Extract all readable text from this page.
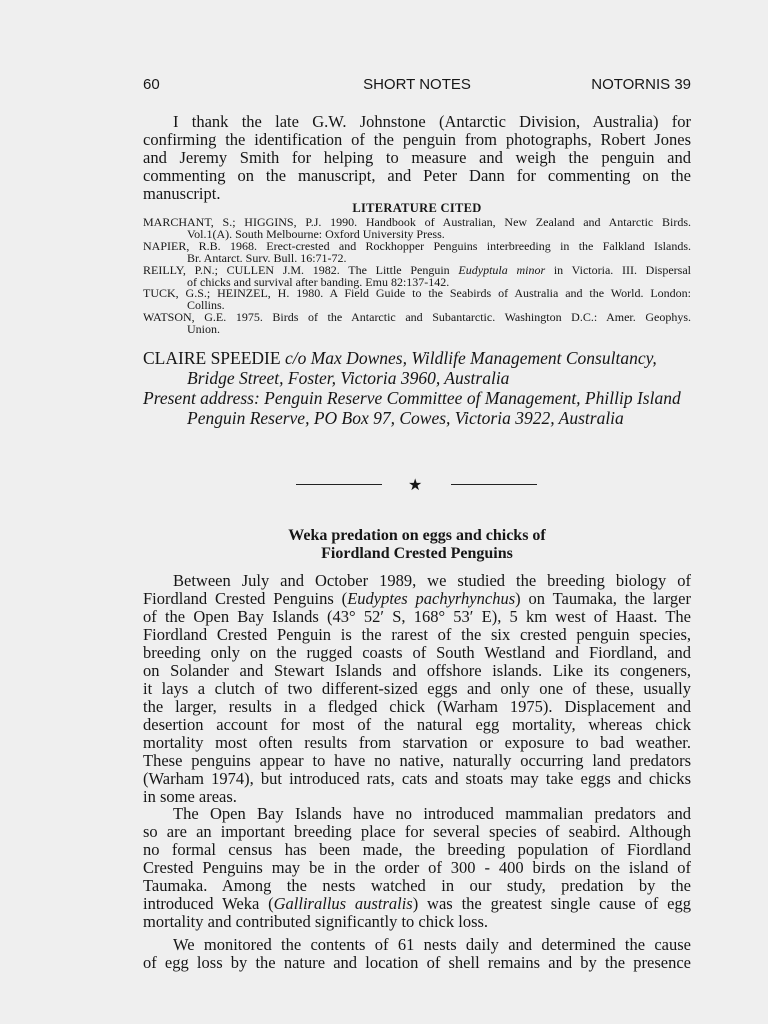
60	SHORT NOTES	NOTORNIS 39

I thank the late G.W. Johnstone (Antarctic Division, Australia) for
confirming the identification of the penguin from photographs, Robert Jones
and Jeremy Smith for helping to measure and weigh the penguin and
commenting on the manuscript, and Peter Dann for commenting on the
manuscript.

LITERATURE CITED
MARCHANT, S.; HIGGINS, P.J. 1990. Handbook of Australian, New Zealand and Antarctic Birds.
Vol.1(A). South Melbourne: Oxford University Press.
NAPIER, R.B. 1968. Erect-crested and Rockhopper Penguins interbreeding in the Falkland Islands.
Br. Antarct. Surv. Bull. 16:71-72.
REILLY, P.N.; CULLEN J.M. 1982. The Little Penguin Eudyptula minor in Victoria. III. Dispersal
of chicks and survival after banding. Emu 82:137-142.
TUCK, G.S.; HEINZEL, H. 1980. A Field Guide to the Seabirds of Australia and the World. London:
Collins.
WATSON, G.E. 1975. Birds of the Antarctic and Subantarctic. Washington D.C.: Amer. Geophys.
Union.
CLAIRE SPEEDIE c/o Max Downes, Wildlife Management Consultancy,
Bridge Street, Foster, Victoria 3960, Australia
Present address: Penguin Reserve Committee of Management, Phillip Island
Penguin Reserve, PO Box 97, Cowes, Victoria 3922, Australia
★
Weka predation on eggs and chicks of
Fiordland Crested Penguins

Between July and October 1989, we studied the breeding biology of
Fiordland Crested Penguins (Eudyptes pachyrhynchus) on Taumaka, the larger
of the Open Bay Islands (43° 52′ S, 168° 53′ E), 5 km west of Haast. The
Fiordland Crested Penguin is the rarest of the six crested penguin species,
breeding only on the rugged coasts of South Westland and Fiordland, and
on Solander and Stewart Islands and offshore islands. Like its congeners,
it lays a clutch of two different-sized eggs and only one of these, usually
the larger, results in a fledged chick (Warham 1975). Displacement and
desertion account for most of the natural egg mortality, whereas chick
mortality most often results from starvation or exposure to bad weather.
These penguins appear to have no native, naturally occurring land predators
(Warham 1974), but introduced rats, cats and stoats may take eggs and chicks
in some areas.

The Open Bay Islands have no introduced mammalian predators and
so are an important breeding place for several species of seabird. Although
no formal census has been made, the breeding population of Fiordland
Crested Penguins may be in the order of 300 - 400 birds on the island of
Taumaka. Among the nests watched in our study, predation by the
introduced Weka (Gallirallus australis) was the greatest single cause of egg
mortality and contributed significantly to chick loss.

We monitored the contents of 61 nests daily and determined the cause
of egg loss by the nature and location of shell remains and by the presence
